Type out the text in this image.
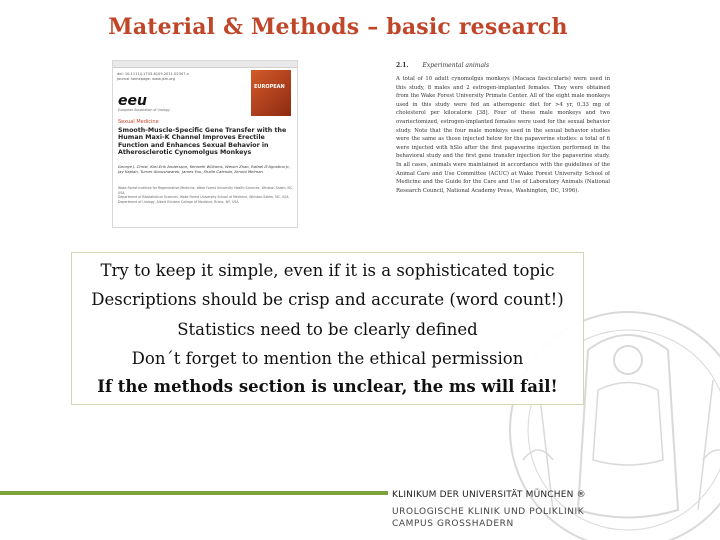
Material & Methods – basic research
doi: 10.1111/j.1743-6109.2011.02347.x
Journal homepage: www.jsm.org
EUROPEAN
eeu
European Association of Urology
Sexual Medicine
Smooth-Muscle-Specific Gene Transfer with the Human Maxi-K Channel Improves Erectile Function and Enhances Sexual Behavior in Atherosclerotic Cynomolgus Monkeys
George J. Christ, Karl-Erik Andersson, Kenneth Williams, Weixin Zhao, Rafael D'Agostino Jr., Jay Kaplan, Turner Aboushwareb, James Yoo, Shalin Calenda, Arnold Melman
Wake Forest Institute for Regenerative Medicine, Wake Forest University Health Sciences, Winston-Salem, NC, USA
Department of Biostatistical Sciences, Wake Forest University School of Medicine, Winston-Salem, NC, USA
Department of Urology, Albert Einstein College of Medicine, Bronx, NY, USA
2.1. Experimental animals
A total of 10 adult cynomolgus monkeys (Macaca fascicularis) were used in this study, 8 males and 2 estrogen-implanted females. They were obtained from the Wake Forest University Primate Center. All of the eight male monkeys used in this study were fed an atherogenic diet for >4 yr, 0.33 mg of cholesterol per kilocalorie [38]. Four of these male monkeys and two ovariectomized, estrogen-implanted females were used for the sexual behavior study. Note that the four male monkeys used in the sexual behavior studies were the same as those injected below for the papaverine studies: a total of 6 were injected with hSlo after the first papaverine injection performed in the behavioral study and the first gene transfer injection for the papaverine study. In all cases, animals were maintained in accordance with the guidelines of the Animal Care and Use Committee (ACUC) at Wake Forest University School of Medicine and the Guide for the Care and Use of Laboratory Animals (National Research Council, National Academy Press, Washington, DC, 1996).
Try to keep it simple, even if it is a sophisticated topic
Descriptions should be crisp and accurate (word count!)
Statistics need to be clearly defined
Don´t forget to mention the ethical permission
If the methods section is unclear, the ms will fail!
KLINIKUM DER UNIVERSITÄT MÜNCHEN ®
UROLOGISCHE KLINIK UND POLIKLINIK
CAMPUS GROSSHADERN
